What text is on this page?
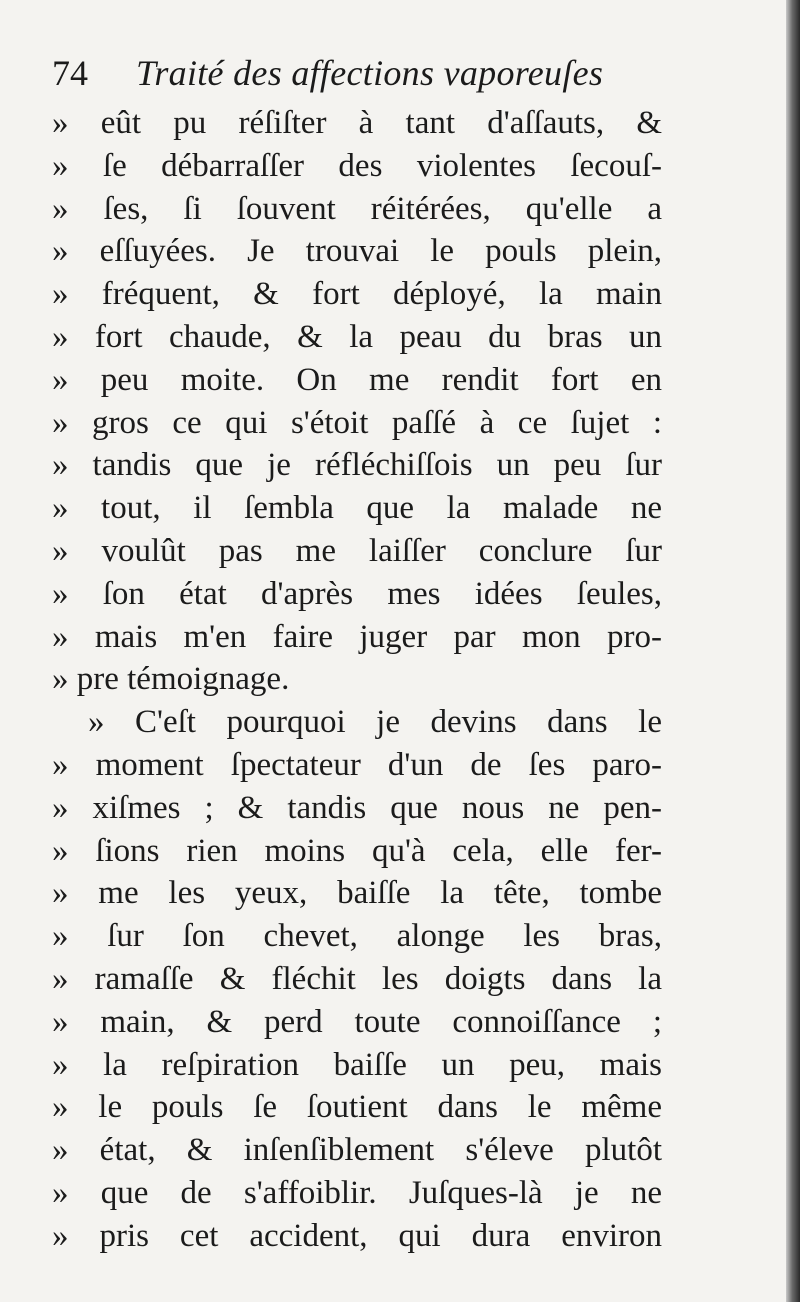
74	Traité des affections vaporeuſes
» eût pu réſiſter à tant d'aſſauts, &
» ſe débarraſſer des violentes ſecouſ-
» ſes, ſi ſouvent réitérées, qu'elle a
» eſſuyées. Je trouvai le pouls plein,
» fréquent, & fort déployé, la main
» fort chaude, & la peau du bras un
» peu moite. On me rendit fort en
» gros ce qui s'étoit paſſé à ce ſujet :
» tandis que je réfléchiſſois un peu ſur
» tout, il ſembla que la malade ne
» voulût pas me laiſſer conclure ſur
» ſon état d'après mes idées ſeules,
» mais m'en faire juger par mon pro-
» pre témoignage.
» C'eſt pourquoi je devins dans le
» moment ſpectateur d'un de ſes paro-
» xiſmes ; & tandis que nous ne pen-
» ſions rien moins qu'à cela, elle fer-
» me les yeux, baiſſe la tête, tombe
» ſur ſon chevet, alonge les bras,
» ramaſſe & fléchit les doigts dans la
» main, & perd toute connoiſſance ;
» la reſpiration baiſſe un peu, mais
» le pouls ſe ſoutient dans le même
» état, & inſenſiblement s'éleve plutôt
» que de s'affoiblir. Juſques-là je ne
» pris cet accident, qui dura environ
